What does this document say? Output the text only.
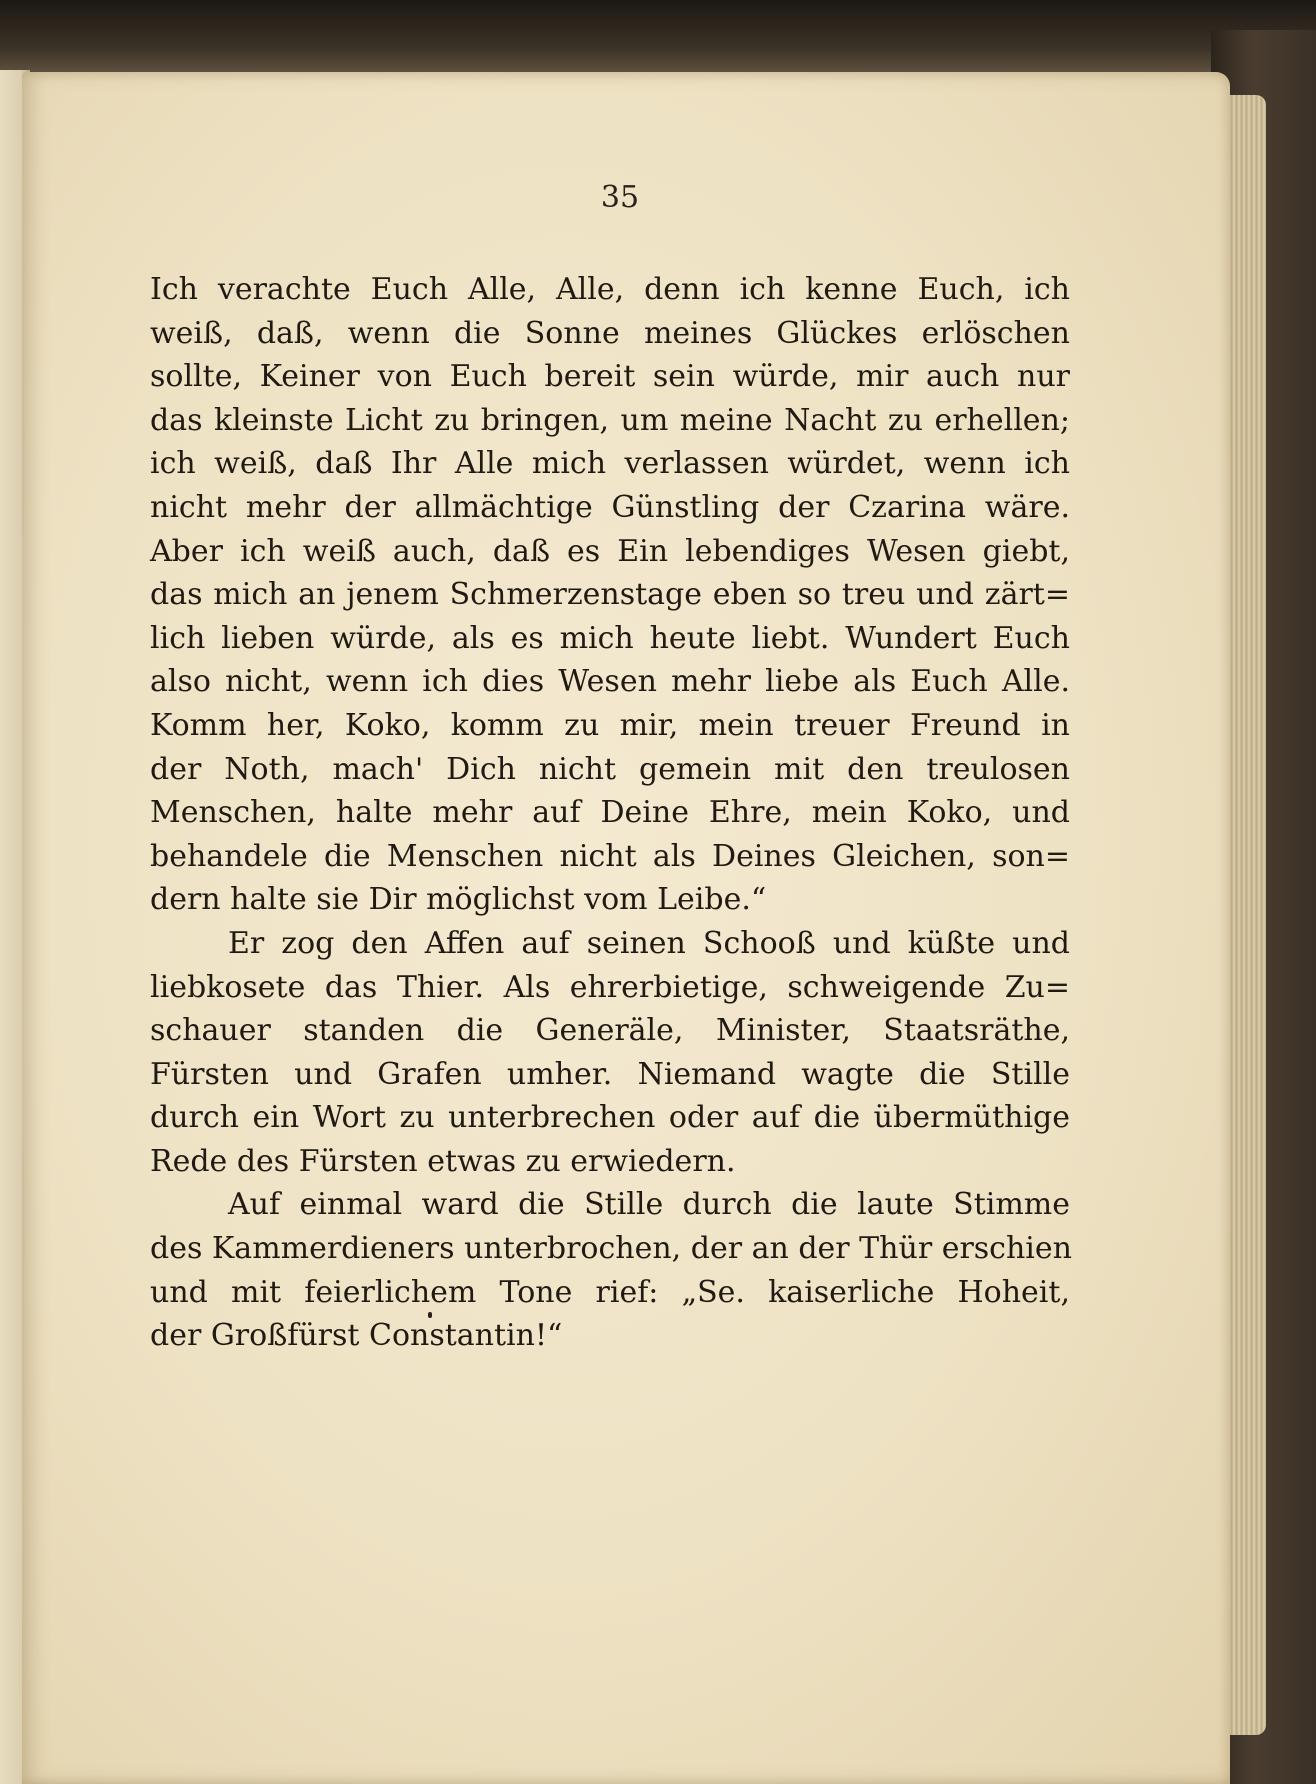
35
Ich verachte Euch Alle, Alle, denn ich kenne Euch, ich
weiß, daß, wenn die Sonne meines Glückes erlöschen
sollte, Keiner von Euch bereit sein würde, mir auch nur
das kleinste Licht zu bringen, um meine Nacht zu erhellen;
ich weiß, daß Ihr Alle mich verlassen würdet, wenn ich
nicht mehr der allmächtige Günstling der Czarina wäre.
Aber ich weiß auch, daß es Ein lebendiges Wesen giebt,
das mich an jenem Schmerzenstage eben so treu und zärt=
lich lieben würde, als es mich heute liebt. Wundert Euch
also nicht, wenn ich dies Wesen mehr liebe als Euch Alle.
Komm her, Koko, komm zu mir, mein treuer Freund in
der Noth, mach' Dich nicht gemein mit den treulosen
Menschen, halte mehr auf Deine Ehre, mein Koko, und
behandele die Menschen nicht als Deines Gleichen, son=
dern halte sie Dir möglichst vom Leibe.“
Er zog den Affen auf seinen Schooß und küßte und
liebkosete das Thier. Als ehrerbietige, schweigende Zu=
schauer standen die Generäle, Minister, Staatsräthe,
Fürsten und Grafen umher. Niemand wagte die Stille
durch ein Wort zu unterbrechen oder auf die übermüthige
Rede des Fürsten etwas zu erwiedern.
Auf einmal ward die Stille durch die laute Stimme
des Kammerdieners unterbrochen, der an der Thür erschien
und mit feierlichem Tone rief: „Se. kaiserliche Hoheit,
der Großfürst Constantin!“
